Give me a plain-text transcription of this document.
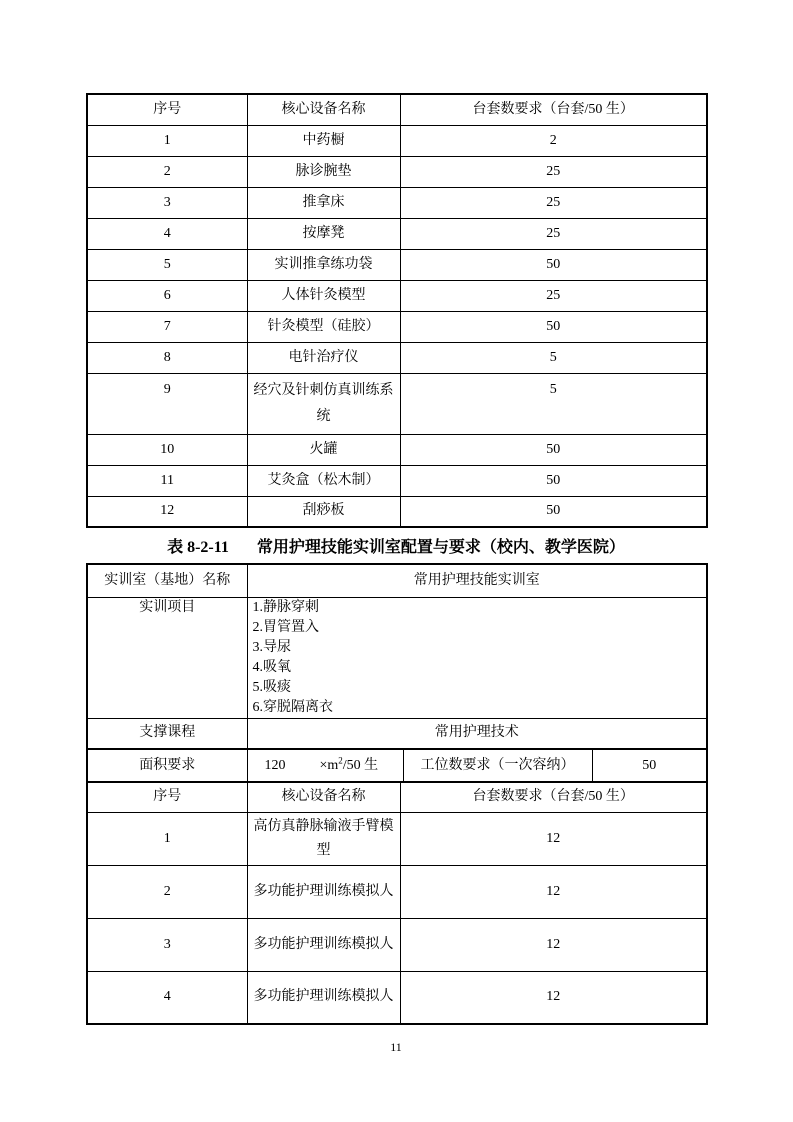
序号	核心设备名称	台套数要求（台套/50 生）
1	中药橱	2
2	脉诊腕垫	25
3	推拿床	25
4	按摩凳	25
5	实训推拿练功袋	50
6	人体针灸模型	25
7	针灸模型（硅胶）	50
8	电针治疗仪	5
9	经穴及针刺仿真训练系统	5
10	火罐	50
11	艾灸盒（松木制）	50
12	刮痧板	50
表 8-2-11 常用护理技能实训室配置与要求（校内、教学医院）
实训室（基地）名称	常用护理技能实训室
实训项目	1.静脉穿刺
2.胃管置入
3.导尿
4.吸氧
5.吸痰
6.穿脱隔离衣

支撑课程	常用护理技术
面积要求	$120 \times m^2/50$ 生	工位数要求（一次容纳）	50
序号	核心设备名称	台套数要求（台套/50 生）
1	高仿真静脉输液手臂模型	12
2	多功能护理训练模拟人	12
3	多功能护理训练模拟人	12
4	多功能护理训练模拟人	12
11
